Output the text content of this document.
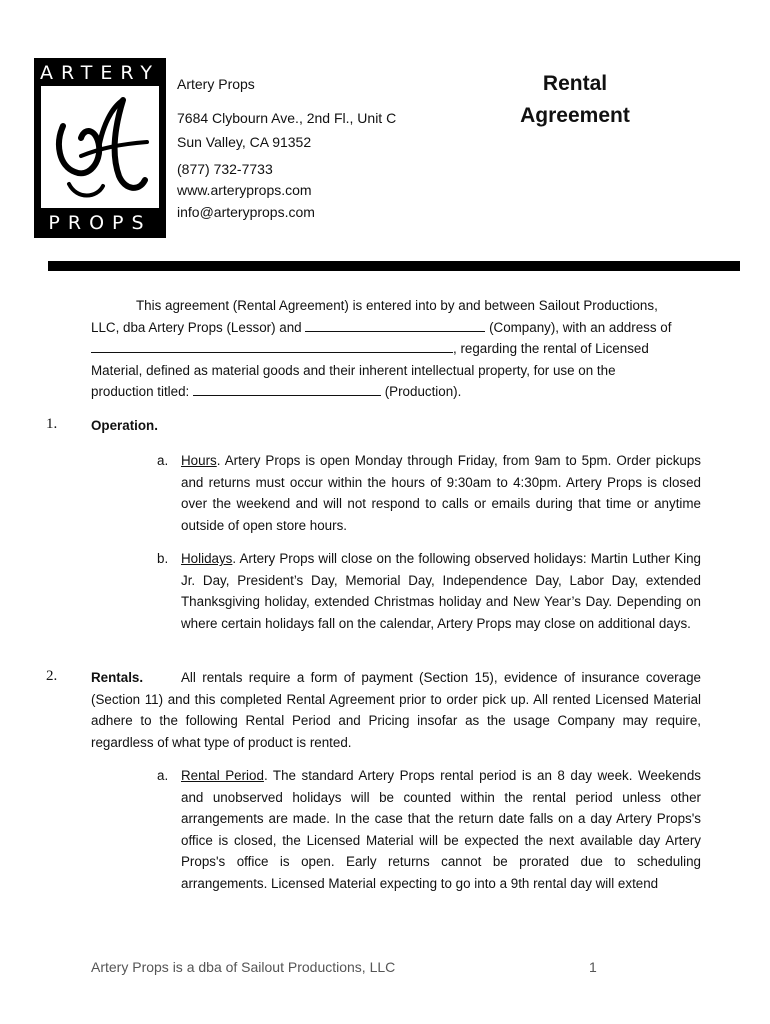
ARTERY
PROPS
Artery Props
7684 Clybourn Ave., 2nd Fl., Unit C
Sun Valley, CA 91352
(877) 732-7733
www.arteryprops.com
info@arteryprops.com
Rental
Agreement
This agreement (Rental Agreement) is entered into by and between Sailout Productions,
LLC, dba Artery Props (Lessor) and	(Company), with an address of
, regarding the rental of Licensed
Material, defined as material goods and their inherent intellectual property, for use on the
production titled:	(Production).
1.	Operation.
a. Hours. Artery Props is open Monday through Friday, from 9am to 5pm. Order pickups and returns must occur within the hours of 9:30am to 4:30pm. Artery Props is closed over the weekend and will not respond to calls or emails during that time or anytime outside of open store hours.
b. Holidays. Artery Props will close on the following observed holidays: Martin Luther King Jr. Day, President’s Day, Memorial Day, Independence Day, Labor Day, extended Thanksgiving holiday, extended Christmas holiday and New Year’s Day. Depending on where certain holidays fall on the calendar, Artery Props may close on additional days.
2.	Rentals.	All rentals require a form of payment (Section 15), evidence of insurance coverage (Section 11) and this completed Rental Agreement prior to order pick up. All rented Licensed Material adhere to the following Rental Period and Pricing insofar as the usage Company may require, regardless of what type of product is rented.
a. Rental Period. The standard Artery Props rental period is an 8 day week. Weekends and unobserved holidays will be counted within the rental period unless other arrangements are made. In the case that the return date falls on a day Artery Props's office is closed, the Licensed Material will be expected the next available day Artery Props's office is open. Early returns cannot be prorated due to scheduling arrangements. Licensed Material expecting to go into a 9th rental day will extend
Artery Props is a dba of Sailout Productions, LLC	1
